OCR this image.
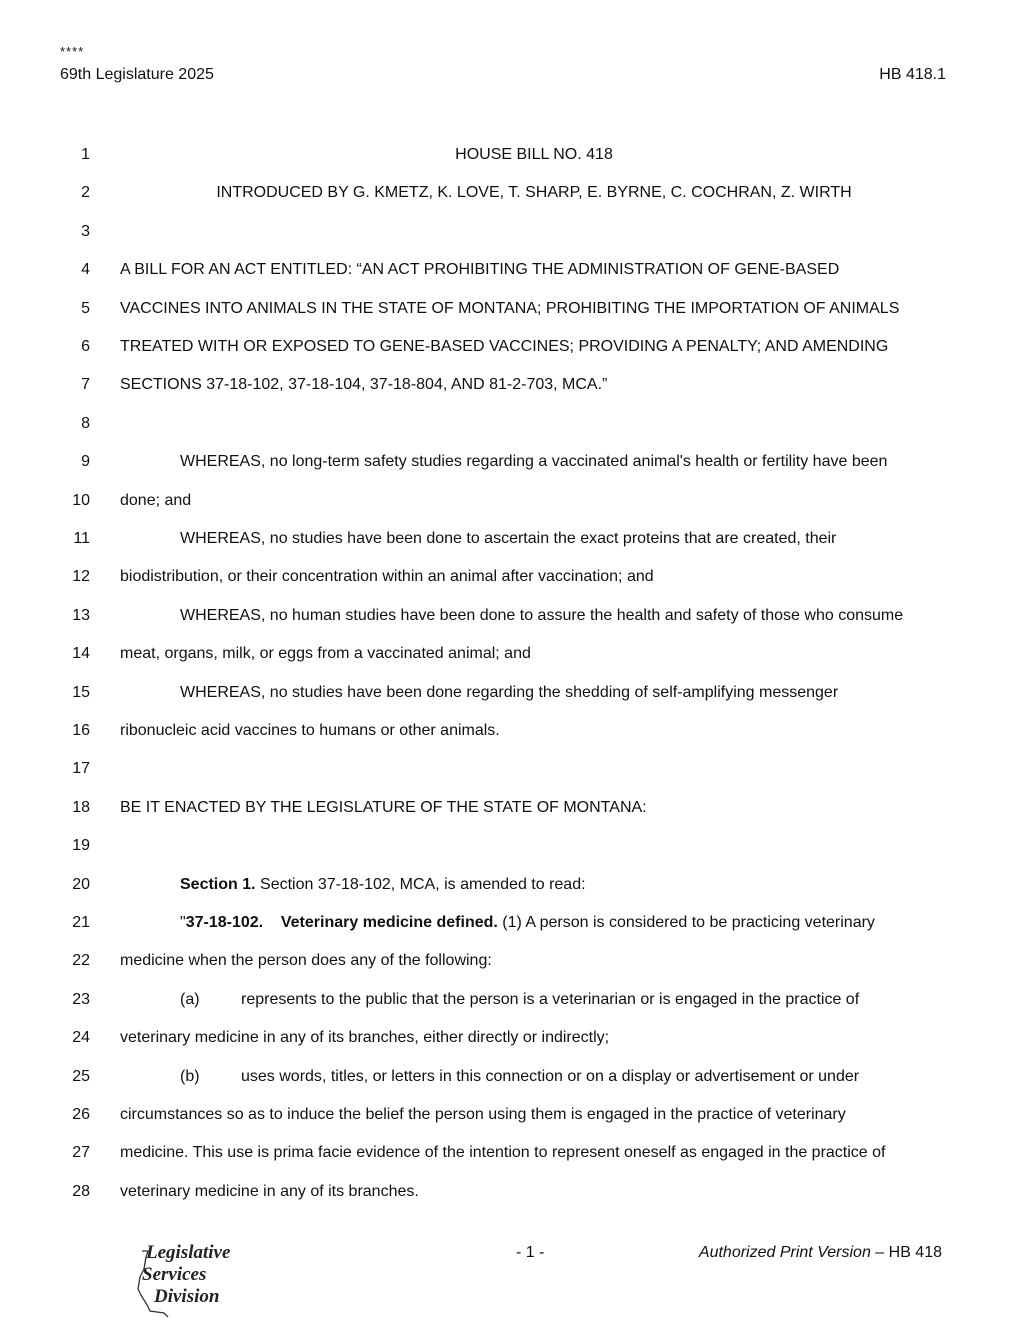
****
69th Legislature 2025	HB 418.1
1	HOUSE BILL NO. 418
2	INTRODUCED BY G. KMETZ, K. LOVE, T. SHARP, E. BYRNE, C. COCHRAN, Z. WIRTH
3
4 A BILL FOR AN ACT ENTITLED: “AN ACT PROHIBITING THE ADMINISTRATION OF GENE-BASED
5 VACCINES INTO ANIMALS IN THE STATE OF MONTANA; PROHIBITING THE IMPORTATION OF ANIMALS
6 TREATED WITH OR EXPOSED TO GENE-BASED VACCINES; PROVIDING A PENALTY; AND AMENDING
7 SECTIONS 37-18-102, 37-18-104, 37-18-804, AND 81-2-703, MCA.”
8
9	WHEREAS, no long-term safety studies regarding a vaccinated animal's health or fertility have been
10 done; and
11	WHEREAS, no studies have been done to ascertain the exact proteins that are created, their
12 biodistribution, or their concentration within an animal after vaccination; and
13	WHEREAS, no human studies have been done to assure the health and safety of those who consume
14 meat, organs, milk, or eggs from a vaccinated animal; and
15	WHEREAS, no studies have been done regarding the shedding of self-amplifying messenger
16 ribonucleic acid vaccines to humans or other animals.
17
18 BE IT ENACTED BY THE LEGISLATURE OF THE STATE OF MONTANA:
19
20	Section 1. Section 37-18-102, MCA, is amended to read:
21	"37-18-102.    Veterinary medicine defined. (1) A person is considered to be practicing veterinary
22 medicine when the person does any of the following:
23	(a)	represents to the public that the person is a veterinarian or is engaged in the practice of
24 veterinary medicine in any of its branches, either directly or indirectly;
25	(b)	uses words, titles, or letters in this connection or on a display or advertisement or under
26 circumstances so as to induce the belief the person using them is engaged in the practice of veterinary
27 medicine. This use is prima facie evidence of the intention to represent oneself as engaged in the practice of
28 veterinary medicine in any of its branches.
- 1 -	Authorized Print Version – HB 418
Legislative
Services
Division
